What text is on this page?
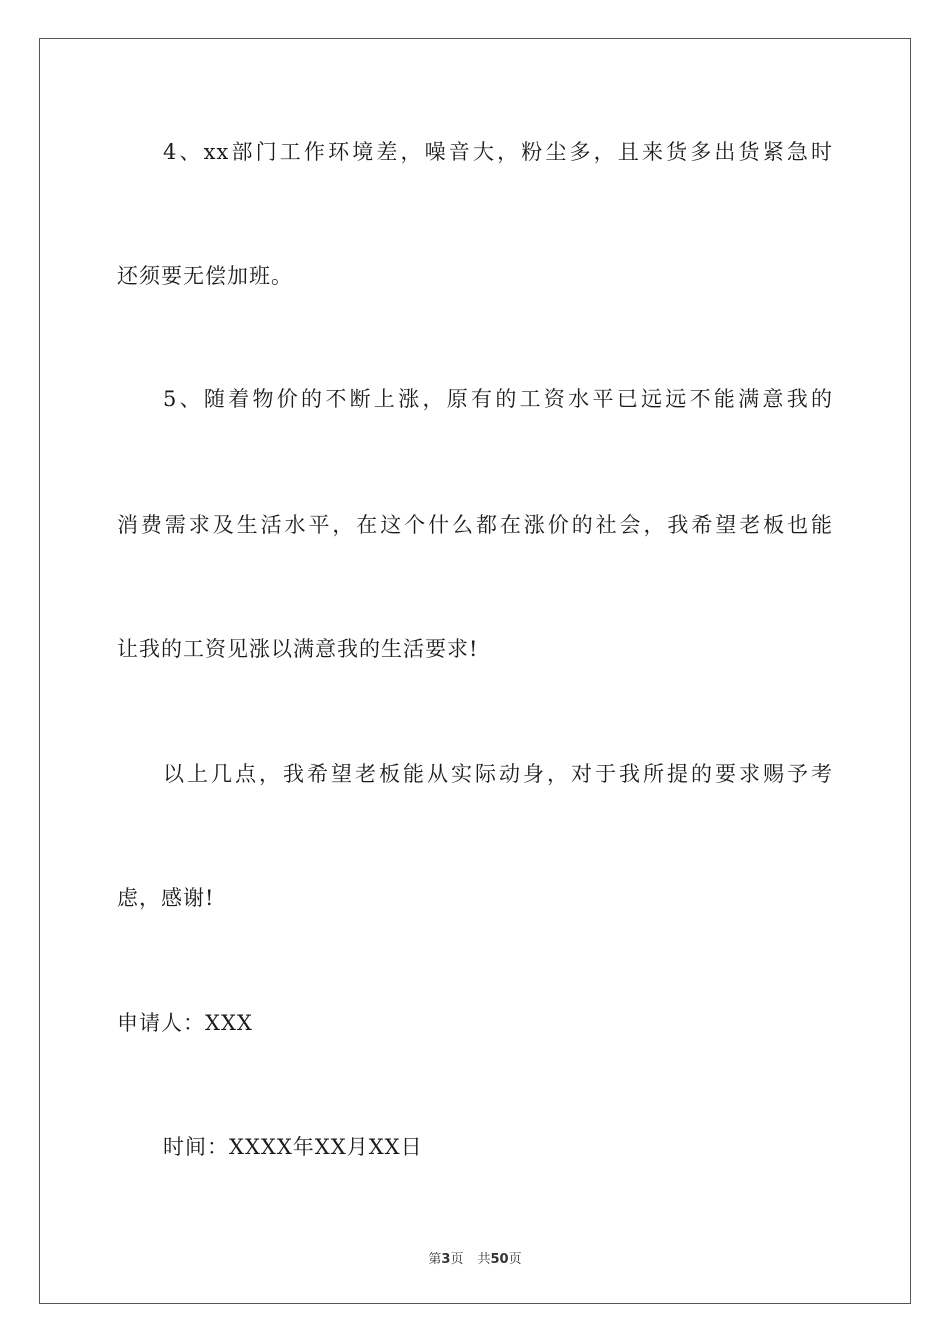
4、xx部门工作环境差，噪音大，粉尘多，且来货多出货紧急时
还须要无偿加班。
5、随着物价的不断上涨，原有的工资水平已远远不能满意我的
消费需求及生活水平，在这个什么都在涨价的社会，我希望老板也能
让我的工资见涨以满意我的生活要求!
以上几点，我希望老板能从实际动身，对于我所提的要求赐予考
虑，感谢!
申请人：XXX
时间：XXXX年XX月XX日
第3页 共50页
